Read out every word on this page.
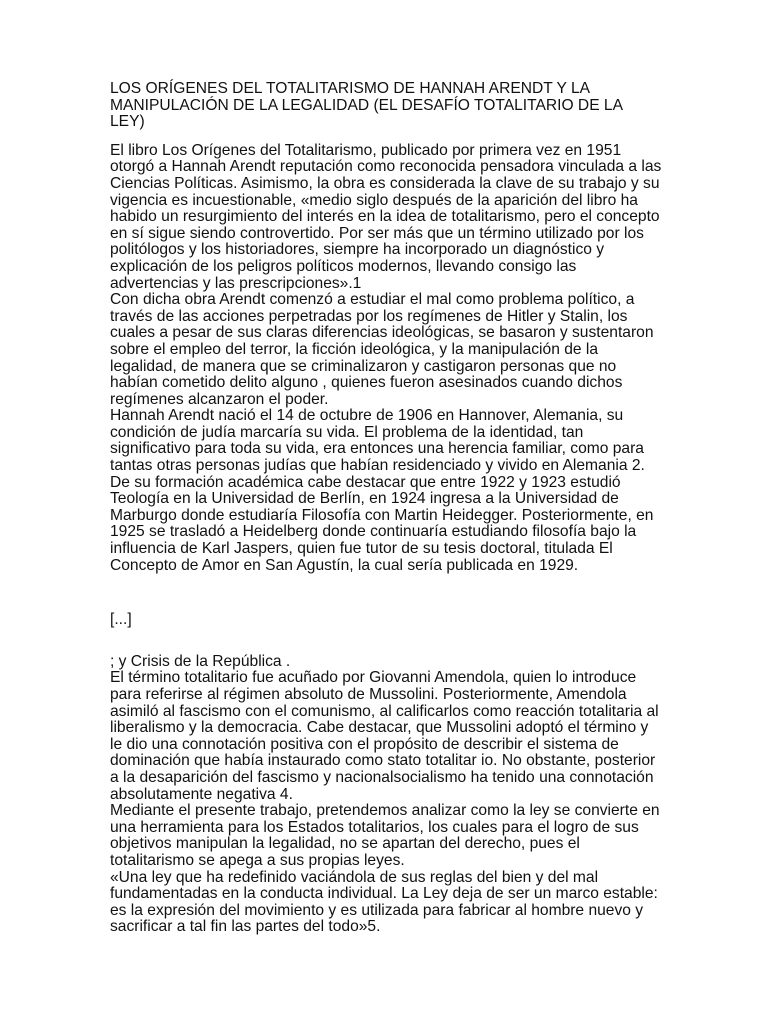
LOS ORÍGENES DEL TOTALITARISMO DE HANNAH ARENDT Y LA
MANIPULACIÓN DE LA LEGALIDAD (EL DESAFÍO TOTALITARIO DE LA
LEY)

El libro Los Orígenes del Totalitarismo, publicado por primera vez en 1951
otorgó a Hannah Arendt reputación como reconocida pensadora vinculada a las
Ciencias Políticas. Asimismo, la obra es considerada la clave de su trabajo y su
vigencia es incuestionable, «medio siglo después de la aparición del libro ha
habido un resurgimiento del interés en la idea de totalitarismo, pero el concepto
en sí sigue siendo controvertido. Por ser más que un término utilizado por los
politólogos y los historiadores, siempre ha incorporado un diagnóstico y
explicación de los peligros políticos modernos, llevando consigo las
advertencias y las prescripciones».1

Con dicha obra Arendt comenzó a estudiar el mal como problema político, a
través de las acciones perpetradas por los regímenes de Hitler y Stalin, los
cuales a pesar de sus claras diferencias ideológicas, se basaron y sustentaron
sobre el empleo del terror, la ficción ideológica, y la manipulación de la
legalidad, de manera que se criminalizaron y castigaron personas que no
habían cometido delito alguno , quienes fueron asesinados cuando dichos
regímenes alcanzaron el poder.

Hannah Arendt nació el 14 de octubre de 1906 en Hannover, Alemania, su
condición de judía marcaría su vida. El problema de la identidad, tan
significativo para toda su vida, era entonces una herencia familiar, como para
tantas otras personas judías que habían residenciado y vivido en Alemania 2.

De su formación académica cabe destacar que entre 1922 y 1923 estudió
Teología en la Universidad de Berlín, en 1924 ingresa a la Universidad de
Marburgo donde estudiaría Filosofía con Martin Heidegger. Posteriormente, en
1925 se trasladó a Heidelberg donde continuaría estudiando filosofía bajo la
influencia de Karl Jaspers, quien fue tutor de su tesis doctoral, titulada El
Concepto de Amor en San Agustín, la cual sería publicada en 1929.

[...]

; y Crisis de la República .

El término totalitario fue acuñado por Giovanni Amendola, quien lo introduce
para referirse al régimen absoluto de Mussolini. Posteriormente, Amendola
asimiló al fascismo con el comunismo, al calificarlos como reacción totalitaria al
liberalismo y la democracia. Cabe destacar, que Mussolini adoptó el término y
le dio una connotación positiva con el propósito de describir el sistema de
dominación que había instaurado como stato totalitar io. No obstante, posterior
a la desaparición del fascismo y nacionalsocialismo ha tenido una connotación
absolutamente negativa 4.

Mediante el presente trabajo, pretendemos analizar como la ley se convierte en
una herramienta para los Estados totalitarios, los cuales para el logro de sus
objetivos manipulan la legalidad, no se apartan del derecho, pues el
totalitarismo se apega a sus propias leyes.

«Una ley que ha redefinido vaciándola de sus reglas del bien y del mal
fundamentadas en la conducta individual. La Ley deja de ser un marco estable:
es la expresión del movimiento y es utilizada para fabricar al hombre nuevo y
sacrificar a tal fin las partes del todo»5.
